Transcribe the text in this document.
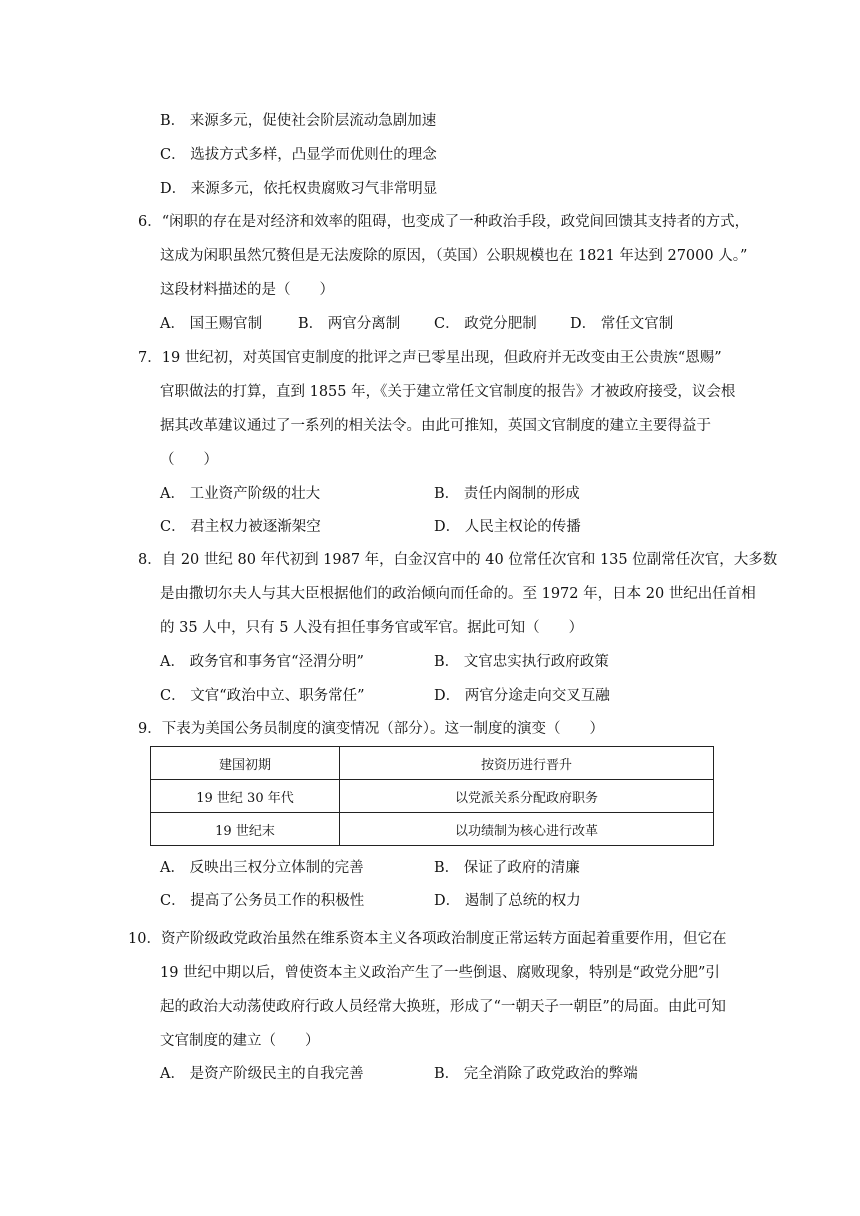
B． 来源多元，促使社会阶层流动急剧加速
C． 选拔方式多样，凸显学而优则仕的理念
D． 来源多元，依托权贵腐败习气非常明显
6．“闲职的存在是对经济和效率的阻碍，也变成了一种政治手段，政党间回馈其支持者的方式，
这成为闲职虽然冗赘但是无法废除的原因，（英国）公职规模也在 1821 年达到 27000 人。”
这段材料描述的是（　　）
A． 国王赐官制 B． 两官分离制 C． 政党分肥制 D． 常任文官制
7．19 世纪初，对英国官吏制度的批评之声已零星出现，但政府并无改变由王公贵族“恩赐”
官职做法的打算，直到 1855 年，《关于建立常任文官制度的报告》才被政府接受，议会根
据其改革建议通过了一系列的相关法令。由此可推知，英国文官制度的建立主要得益于
（　　）
A． 工业资产阶级的壮大	B． 责任内阁制的形成
C． 君主权力被逐渐架空	D． 人民主权论的传播
8．自 20 世纪 80 年代初到 1987 年，白金汉宫中的 40 位常任次官和 135 位副常任次官，大多数
是由撒切尔夫人与其大臣根据他们的政治倾向而任命的。至 1972 年，日本 20 世纪出任首相
的 35 人中，只有 5 人没有担任事务官或军官。据此可知（　　）
A． 政务官和事务官“泾渭分明”	B． 文官忠实执行政府政策
C． 文官“政治中立、职务常任”	D． 两官分途走向交叉互融
9．下表为美国公务员制度的演变情况（部分）。这一制度的演变（　　）
建国初期	按资历进行晋升
19 世纪 30 年代	以党派关系分配政府职务
19 世纪末	以功绩制为核心进行改革
A． 反映出三权分立体制的完善	B． 保证了政府的清廉
C． 提高了公务员工作的积极性	D． 遏制了总统的权力
10．资产阶级政党政治虽然在维系资本主义各项政治制度正常运转方面起着重要作用，但它在
19 世纪中期以后，曾使资本主义政治产生了一些倒退、腐败现象，特别是“政党分肥”引
起的政治大动荡使政府行政人员经常大换班，形成了“一朝天子一朝臣”的局面。由此可知
文官制度的建立（　　）
A． 是资产阶级民主的自我完善	B． 完全消除了政党政治的弊端
